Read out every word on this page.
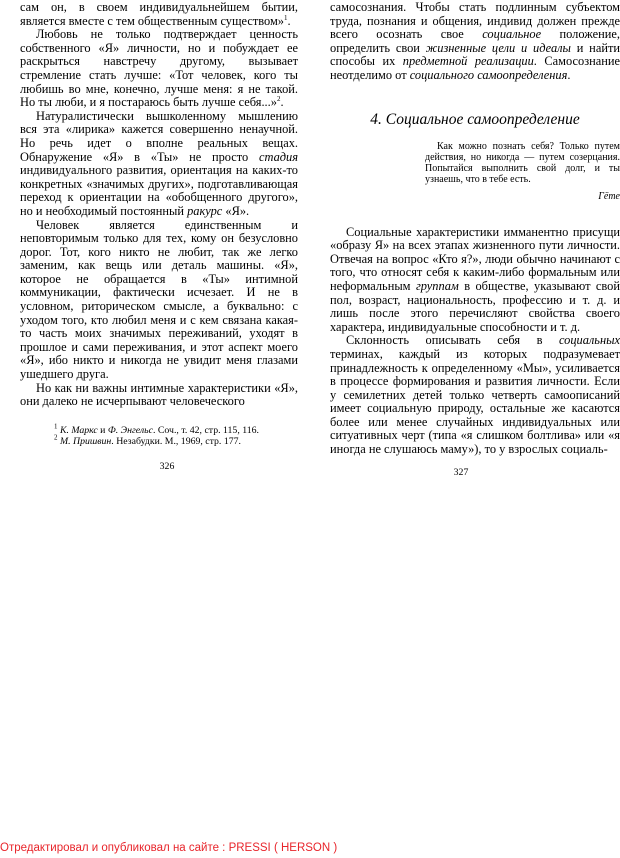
сам он, в своем индивидуальнейшем бытии, является вместе с тем общественным существом»$^1$.

Любовь не только подтверждает ценность собственного «Я» личности, но и побуждает ее раскрыться навстречу другому, вызывает стремление стать лучше: «Тот человек, кого ты любишь во мне, конечно, лучше меня: я не такой. Но ты люби, и я постараюсь быть лучше себя...»$^2$.

Натуралистически вышколенному мышлению вся эта «лирика» кажется совершенно ненаучной. Но речь идет о вполне реальных вещах. Обнаружение «Я» в «Ты» не просто стадия индивидуального развития, ориентация на каких-то конкретных «значимых других», подготавливающая переход к ориентации на «обобщенного другого», но и необходимый постоянный ракурс «Я».

Человек является единственным и неповторимым только для тех, кому он безусловно дорог. Тот, кого никто не любит, так же легко заменим, как вещь или деталь машины. «Я», которое не обращается в «Ты» интимной коммуникации, фактически исчезает. И не в условном, риторическом смысле, а буквально: с уходом того, кто любил меня и с кем связана какая-то часть моих значимых переживаний, уходят в прошлое и сами переживания, и этот аспект моего «Я», ибо никто и никогда не увидит меня глазами ушедшего друга.

Но как ни важны интимные характеристики «Я», они далеко не исчерпывают человеческого

$^1$ К. Маркс и Ф. Энгельс. Соч., т. 42, стр. 115, 116.
$^2$ М. Пришвин. Незабудки. М., 1969, стр. 177.
326

самосознания. Чтобы стать подлинным субъектом труда, познания и общения, индивид должен прежде всего осознать свое социальное положение, определить свои жизненные цели и идеалы и найти способы их предметной реализации. Самосознание неотделимо от социального самоопределения.

4. Социальное самоопределение

Как можно познать себя? Только путем действия, но никогда — путем созерцания. Попытайся выполнить свой долг, и ты узнаешь, что в тебе есть.

Гёте

Социальные характеристики имманентно присущи «образу Я» на всех этапах жизненного пути личности. Отвечая на вопрос «Кто я?», люди обычно начинают с того, что относят себя к каким-либо формальным или неформальным группам в обществе, указывают свой пол, возраст, национальность, профессию и т. д. и лишь после этого перечисляют свойства своего характера, индивидуальные способности и т. д.

Склонность описывать себя в социальных терминах, каждый из которых подразумевает принадлежность к определенному «Мы», усиливается в процессе формирования и развития личности. Если у семилетних детей только четверть самоописаний имеет социальную природу, остальные же касаются более или менее случайных индивидуальных или ситуативных черт (типа «я слишком болтлива» или «я иногда не слушаюсь маму»), то у взрослых социаль-

327
Отредактировал и опубликовал на сайте : PRESSI ( HERSON )
